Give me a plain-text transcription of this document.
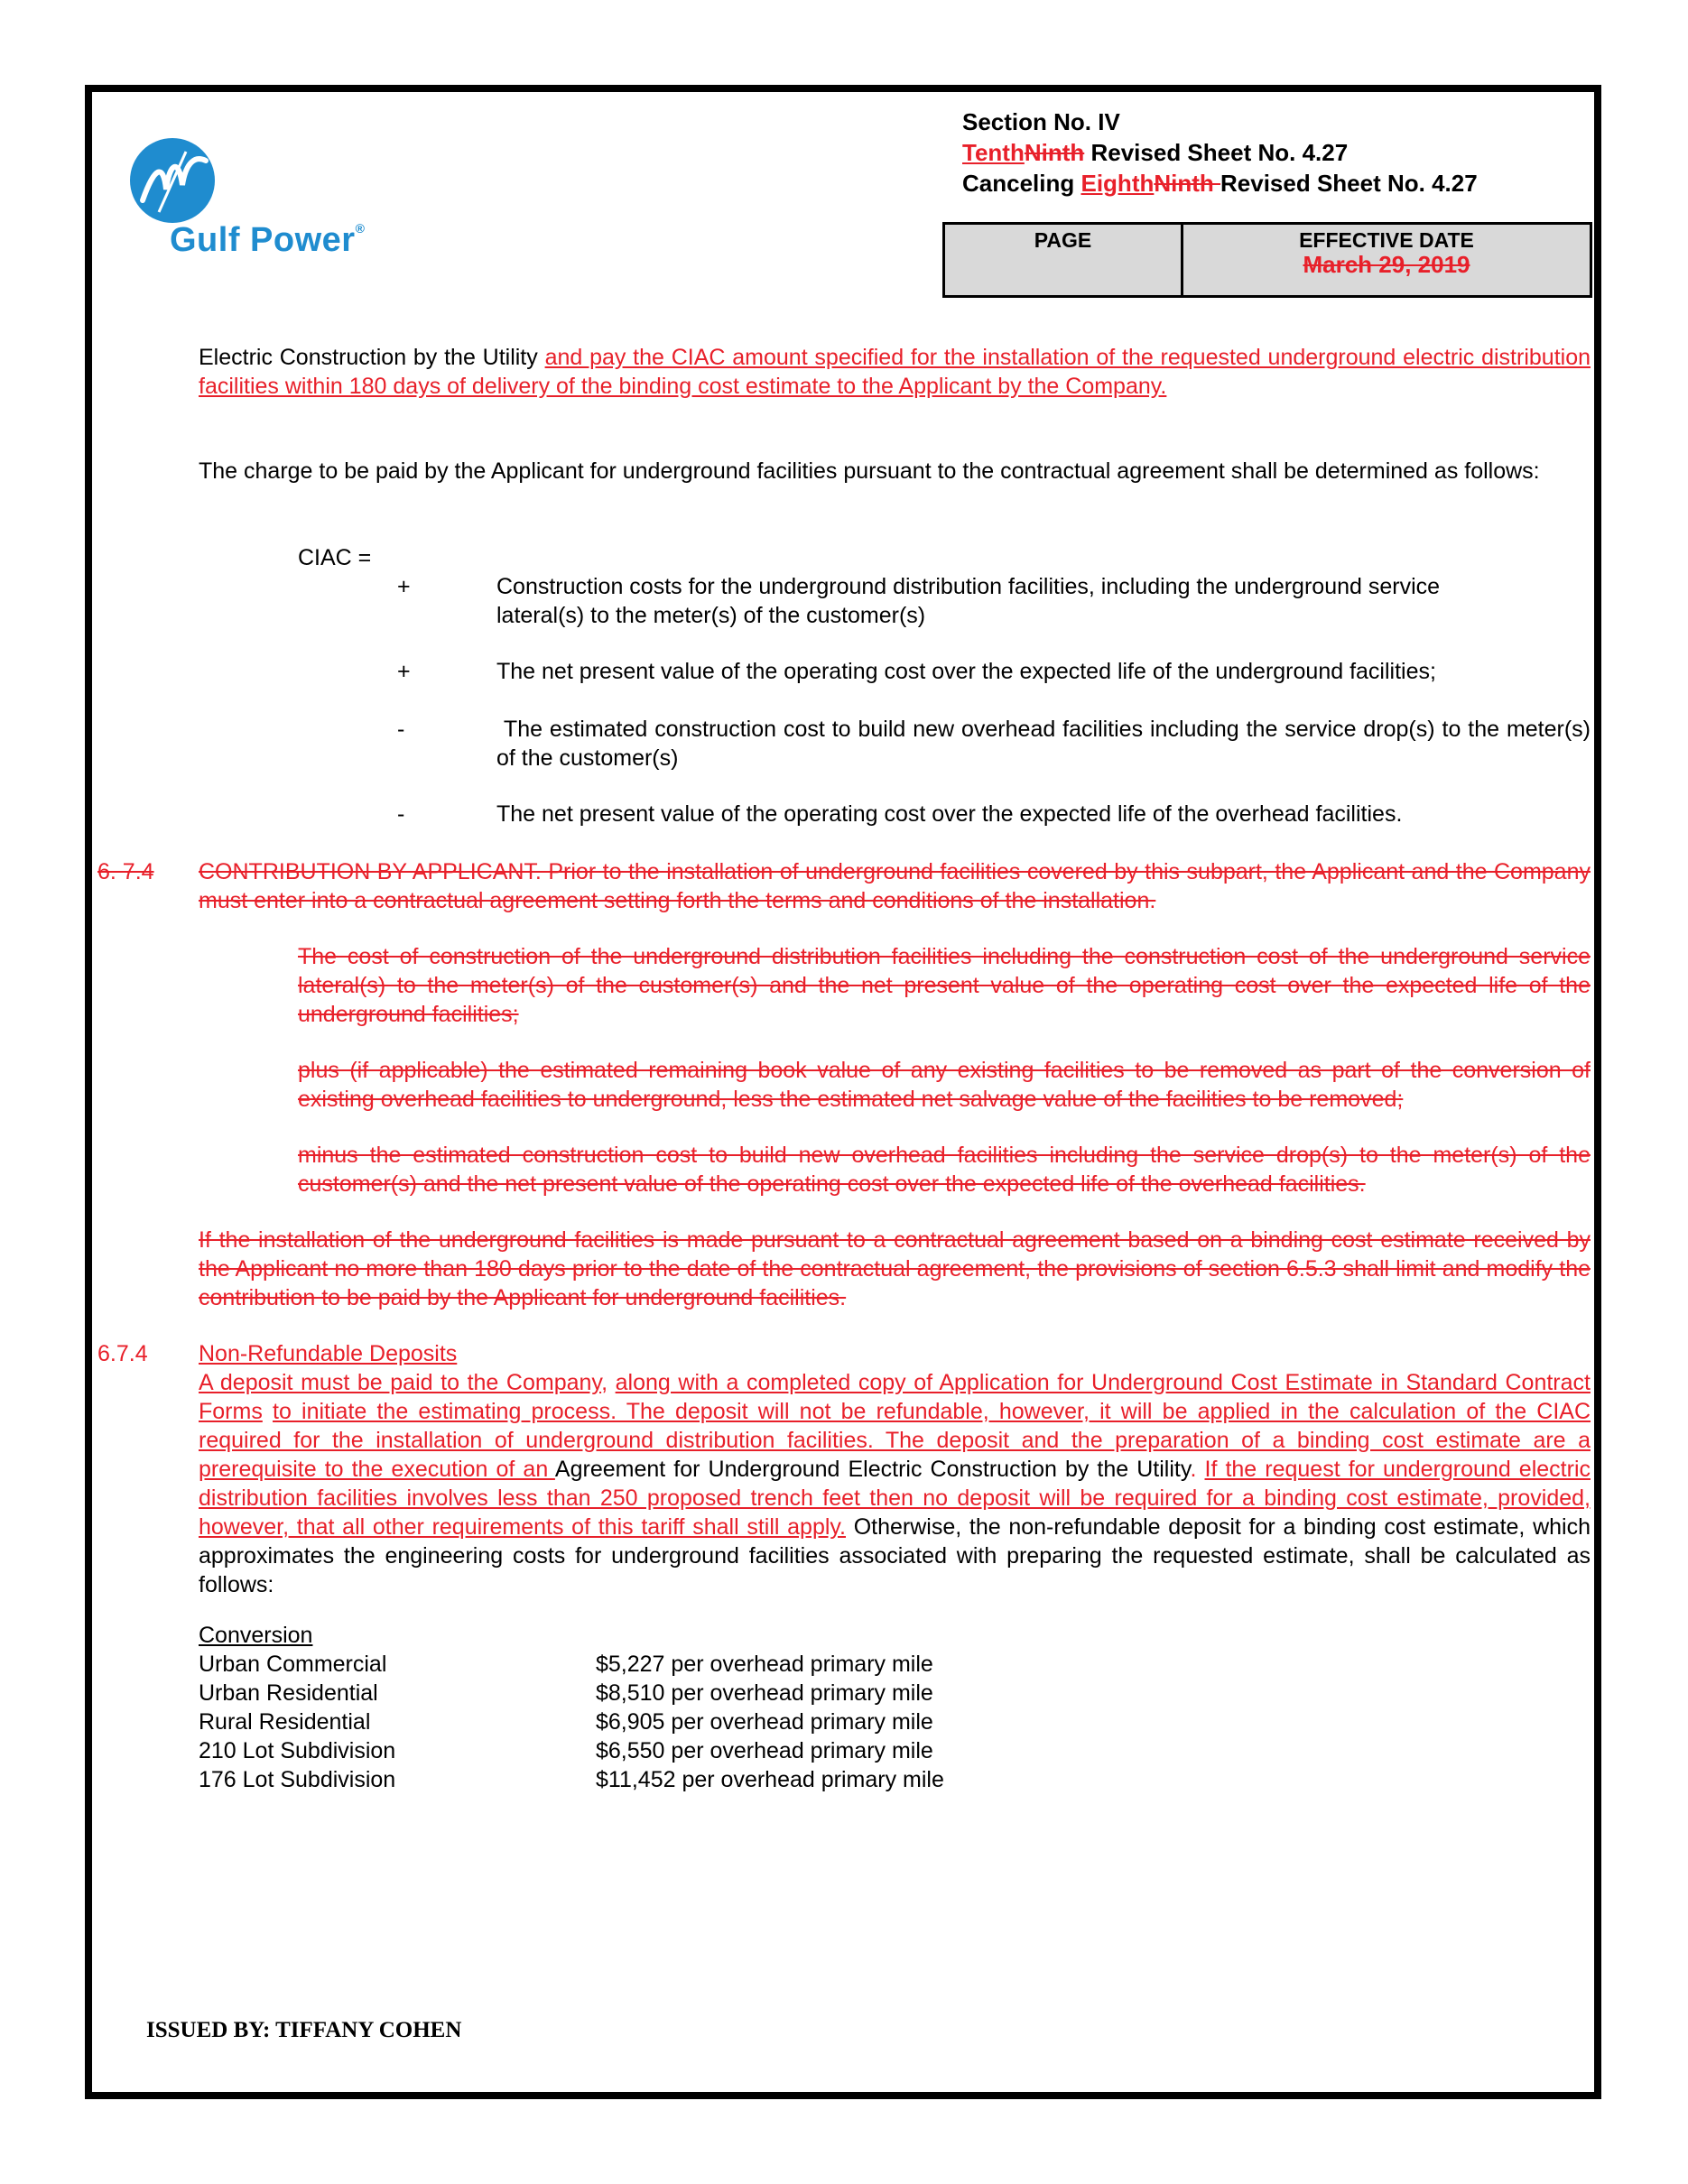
Gulf Power®
Section No. IV
TenthNinth Revised Sheet No. 4.27
Canceling EighthNinth Revised Sheet No. 4.27
PAGE	EFFECTIVE DATE
March 29, 2019
Electric Construction by the Utility and pay the CIAC amount specified for the installation of the requested underground electric distribution facilities within 180 days of delivery of the binding cost estimate to the Applicant by the Company.
The charge to be paid by the Applicant for underground facilities pursuant to the contractual agreement shall be determined as follows:
CIAC =
+	Construction costs for the underground distribution facilities, including the underground service lateral(s) to the meter(s) of the customer(s)
+	The net present value of the operating cost over the expected life of the underground facilities;
-	The estimated construction cost to build new overhead facilities including the service drop(s) to the meter(s) of the customer(s)
-	The net present value of the operating cost over the expected life of the overhead facilities.
6. 7.4 CONTRIBUTION BY APPLICANT. Prior to the installation of underground facilities covered by this subpart, the Applicant and the Company must enter into a contractual agreement setting forth the terms and conditions of the installation.
The cost of construction of the underground distribution facilities including the construction cost of the underground service lateral(s) to the meter(s) of the customer(s) and the net present value of the operating cost over the expected life of the underground facilities;
plus (if applicable) the estimated remaining book value of any existing facilities to be removed as part of the conversion of existing overhead facilities to underground, less the estimated net salvage value of the facilities to be removed;
minus the estimated construction cost to build new overhead facilities including the service drop(s) to the meter(s) of the customer(s) and the net present value of the operating cost over the expected life of the overhead facilities.
If the installation of the underground facilities is made pursuant to a contractual agreement based on a binding cost estimate received by the Applicant no more than 180 days prior to the date of the contractual agreement, the provisions of section 6.5.3 shall limit and modify the contribution to be paid by the Applicant for underground facilities.
6.7.4 Non-Refundable Deposits
A deposit must be paid to the Company, along with a completed copy of Application for Underground Cost Estimate in Standard Contract Forms to initiate the estimating process. The deposit will not be refundable, however, it will be applied in the calculation of the CIAC required for the installation of underground distribution facilities. The deposit and the preparation of a binding cost estimate are a prerequisite to the execution of an Agreement for Underground Electric Construction by the Utility. If the request for underground electric distribution facilities involves less than 250 proposed trench feet then no deposit will be required for a binding cost estimate, provided, however, that all other requirements of this tariff shall still apply. Otherwise, the non-refundable deposit for a binding cost estimate, which approximates the engineering costs for underground facilities associated with preparing the requested estimate, shall be calculated as follows:
Conversion
Urban Commercial	$5,227 per overhead primary mile
Urban Residential	$8,510 per overhead primary mile
Rural Residential	$6,905 per overhead primary mile
210 Lot Subdivision	$6,550 per overhead primary mile
176 Lot Subdivision	$11,452 per overhead primary mile
ISSUED BY: TIFFANY COHEN
